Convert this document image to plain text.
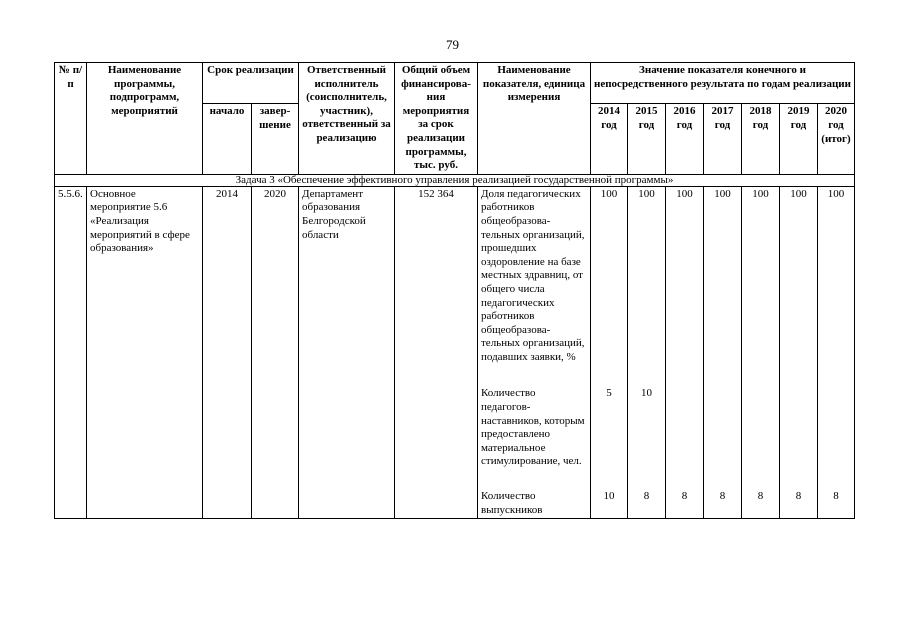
79
№ п/п	Наименование программы, подпрограмм, мероприятий	Срок реализации		Ответственный исполнитель (соисполнитель, участник), ответственный за реализацию	Общий объем финансирова-ния мероприятия за срок реализации программы, тыс. руб.	Наименование показателя, единица измерения	Значение показателя конечного и непосредственного результата по годам реализации						
		начало	завер-шение				2014 год	2015 год	2016 год	2017 год	2018 год	2019 год	2020 год (итог)
Задача 3 «Обеспечение эффективного управления реализацией государственной программы»													
5.5.6.	Основное мероприятие 5.6 «Реализация мероприятий в сфере образования»	2014	2020	Департамент образования Белгородской области	152 364	Доля педагогических работников общеобразова-тельных организаций, прошедших оздоровление на базе местных здравниц, от общего числа педагогических работников общеобразова-тельных организаций, подавших заявки, %	100	100	100	100	100	100	100
						Количество педагогов-наставников, которым предоставлено материальное стимулирование, чел.	5	10					
						Количество выпускников	10	8	8	8	8	8	8
